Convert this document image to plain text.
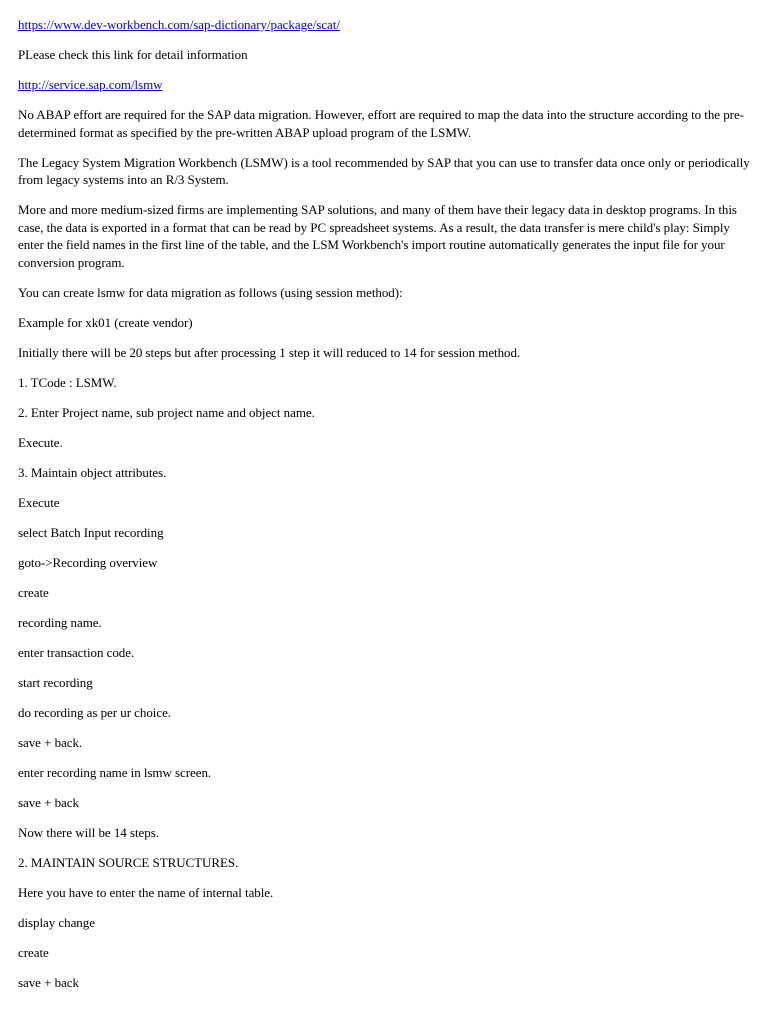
https://www.dev-workbench.com/sap-dictionary/package/scat/

PLease check this link for detail information

http://service.sap.com/lsmw

No ABAP effort are required for the SAP data migration. However, effort are required to map the data into the structure according to the pre-determined format as specified by the pre-written ABAP upload program of the LSMW.

The Legacy System Migration Workbench (LSMW) is a tool recommended by SAP that you can use to transfer data once only or periodically from legacy systems into an R/3 System.

More and more medium-sized firms are implementing SAP solutions, and many of them have their legacy data in desktop programs. In this case, the data is exported in a format that can be read by PC spreadsheet systems. As a result, the data transfer is mere child's play: Simply enter the field names in the first line of the table, and the LSM Workbench's import routine automatically generates the input file for your conversion program.

You can create lsmw for data migration as follows (using session method):

Example for xk01 (create vendor)

Initially there will be 20 steps but after processing 1 step it will reduced to 14 for session method.

1. TCode : LSMW.

2. Enter Project name, sub project name and object name.

Execute.

3. Maintain object attributes.

Execute

select Batch Input recording

goto->Recording overview

create

recording name.

enter transaction code.

start recording

do recording as per ur choice.

save + back.

enter recording name in lsmw screen.

save + back

Now there will be 14 steps.

2. MAINTAIN SOURCE STRUCTURES.

Here you have to enter the name of internal table.

display change

create

save + back
